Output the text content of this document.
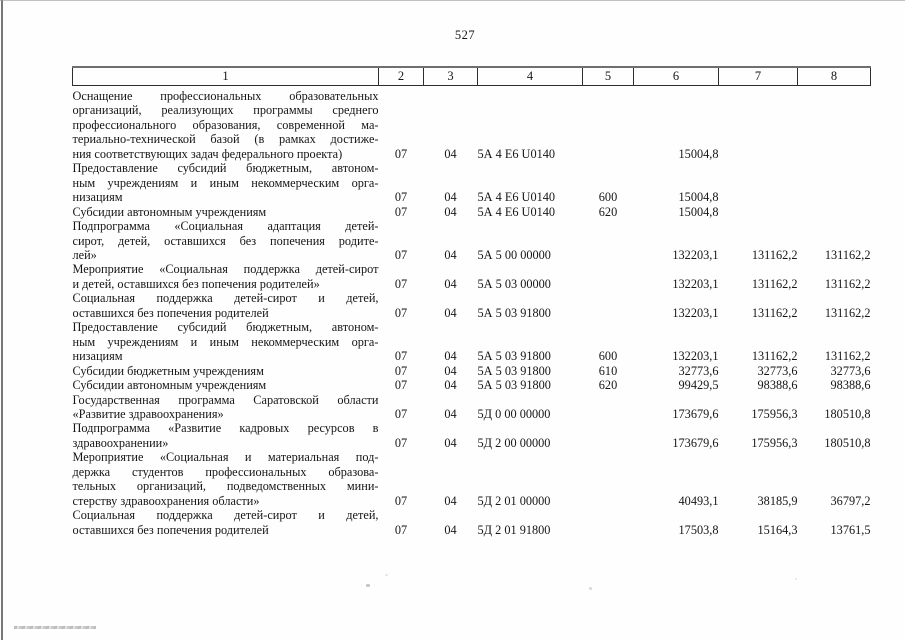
527
1	2	3	4	5	6	7	8

Оснащение профессиональных образовательных
организаций, реализующих программы среднего
профессионального образования, современной ма-
териально-технической базой (в рамках достиже-
ния соответствующих задач федерального проекта)	07	04	5А 4 Е6 U0140		15004,8		

Предоставление субсидий бюджетным, автоном-
ным учреждениям и иным некоммерческим орга-
низациям	07	04	5А 4 Е6 U0140	600	15004,8		

Субсидии автономным учреждениям	07	04	5А 4 Е6 U0140	620	15004,8		

Подпрограмма «Социальная адаптация детей-
сирот, детей, оставшихся без попечения родите-
лей»	07	04	5А 5 00 00000		132203,1	131162,2	131162,2

Мероприятие «Социальная поддержка детей-сирот
и детей, оставшихся без попечения родителей»	07	04	5А 5 03 00000		132203,1	131162,2	131162,2

Социальная поддержка детей-сирот и детей,
оставшихся без попечения родителей	07	04	5А 5 03 91800		132203,1	131162,2	131162,2

Предоставление субсидий бюджетным, автоном-
ным учреждениям и иным некоммерческим орга-
низациям	07	04	5А 5 03 91800	600	132203,1	131162,2	131162,2

Субсидии бюджетным учреждениям	07	04	5А 5 03 91800	610	32773,6	32773,6	32773,6

Субсидии автономным учреждениям	07	04	5А 5 03 91800	620	99429,5	98388,6	98388,6

Государственная программа Саратовской области
«Развитие здравоохранения»	07	04	5Д 0 00 00000		173679,6	175956,3	180510,8

Подпрограмма «Развитие кадровых ресурсов в
здравоохранении»	07	04	5Д 2 00 00000		173679,6	175956,3	180510,8

Мероприятие «Социальная и материальная под-
держка студентов профессиональных образова-
тельных организаций, подведомственных мини-
стерству здравоохранения области»	07	04	5Д 2 01 00000		40493,1	38185,9	36797,2

Социальная поддержка детей-сирот и детей,
оставшихся без попечения родителей	07	04	5Д 2 01 91800		17503,8	15164,3	13761,5
